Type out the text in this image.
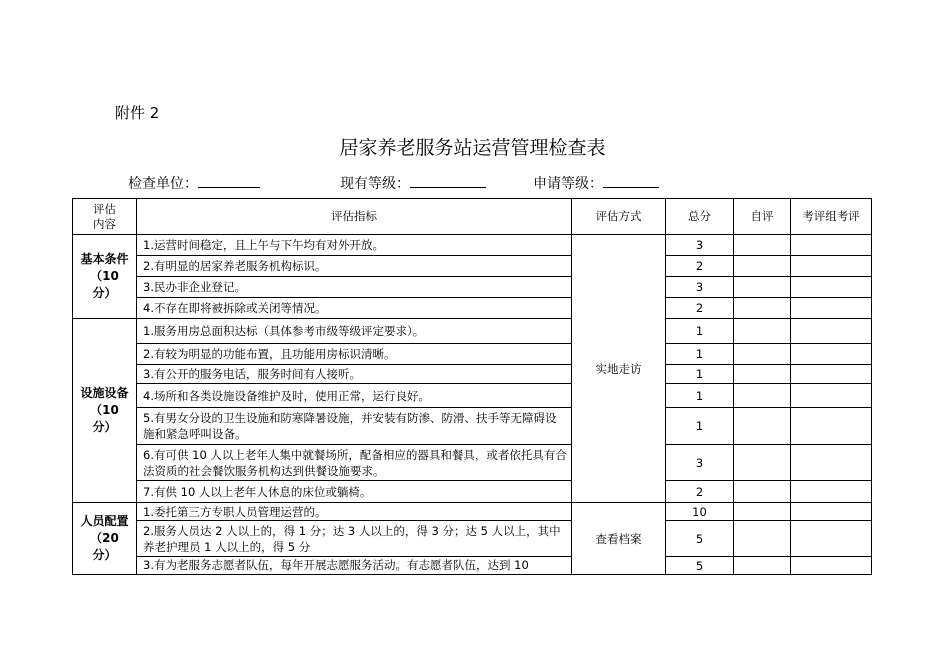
附件 2
居家养老服务站运营管理检查表
检查单位：	现有等级：	申请等级：
评估内容	评估指标	评估方式	总分	自评	考评组考评

基本条件
（10 分）	1.运营时间稳定，且上午与下午均有对外开放。	实地走访	3		
	2.有明显的居家养老服务机构标识。		2		
	3.民办非企业登记。		3		
	4.不存在即将被拆除或关闭等情况。		2		

设施设备
（10 分）	1.服务用房总面积达标（具体参考市级等级评定要求）。		1		
	2.有较为明显的功能布置，且功能用房标识清晰。		1		
	3.有公开的服务电话，服务时间有人接听。		1		
	4.场所和各类设施设备维护及时，使用正常，运行良好。		1		
	5.有男女分设的卫生设施和防寒降暑设施，并安装有防渗、防滑、扶手等无障碍设施和紧急呼叫设备。		1		
	6.有可供 10 人以上老年人集中就餐场所，配备相应的器具和餐具，或者依托具有合法资质的社会餐饮服务机构达到供餐设施要求。		3		
	7.有供 10 人以上老年人休息的床位或躺椅。		2		

人员配置
（20 分）	1.委托第三方专职人员管理运营的。	查看档案	10		
	2.服务人员达 2 人以上的，得 1 分；达 3 人以上的，得 3 分；达 5 人以上，其中养老护理员 1 人以上的，得 5 分		5		
	3.有为老服务志愿者队伍，每年开展志愿服务活动。有志愿者队伍，达到 10		5		
